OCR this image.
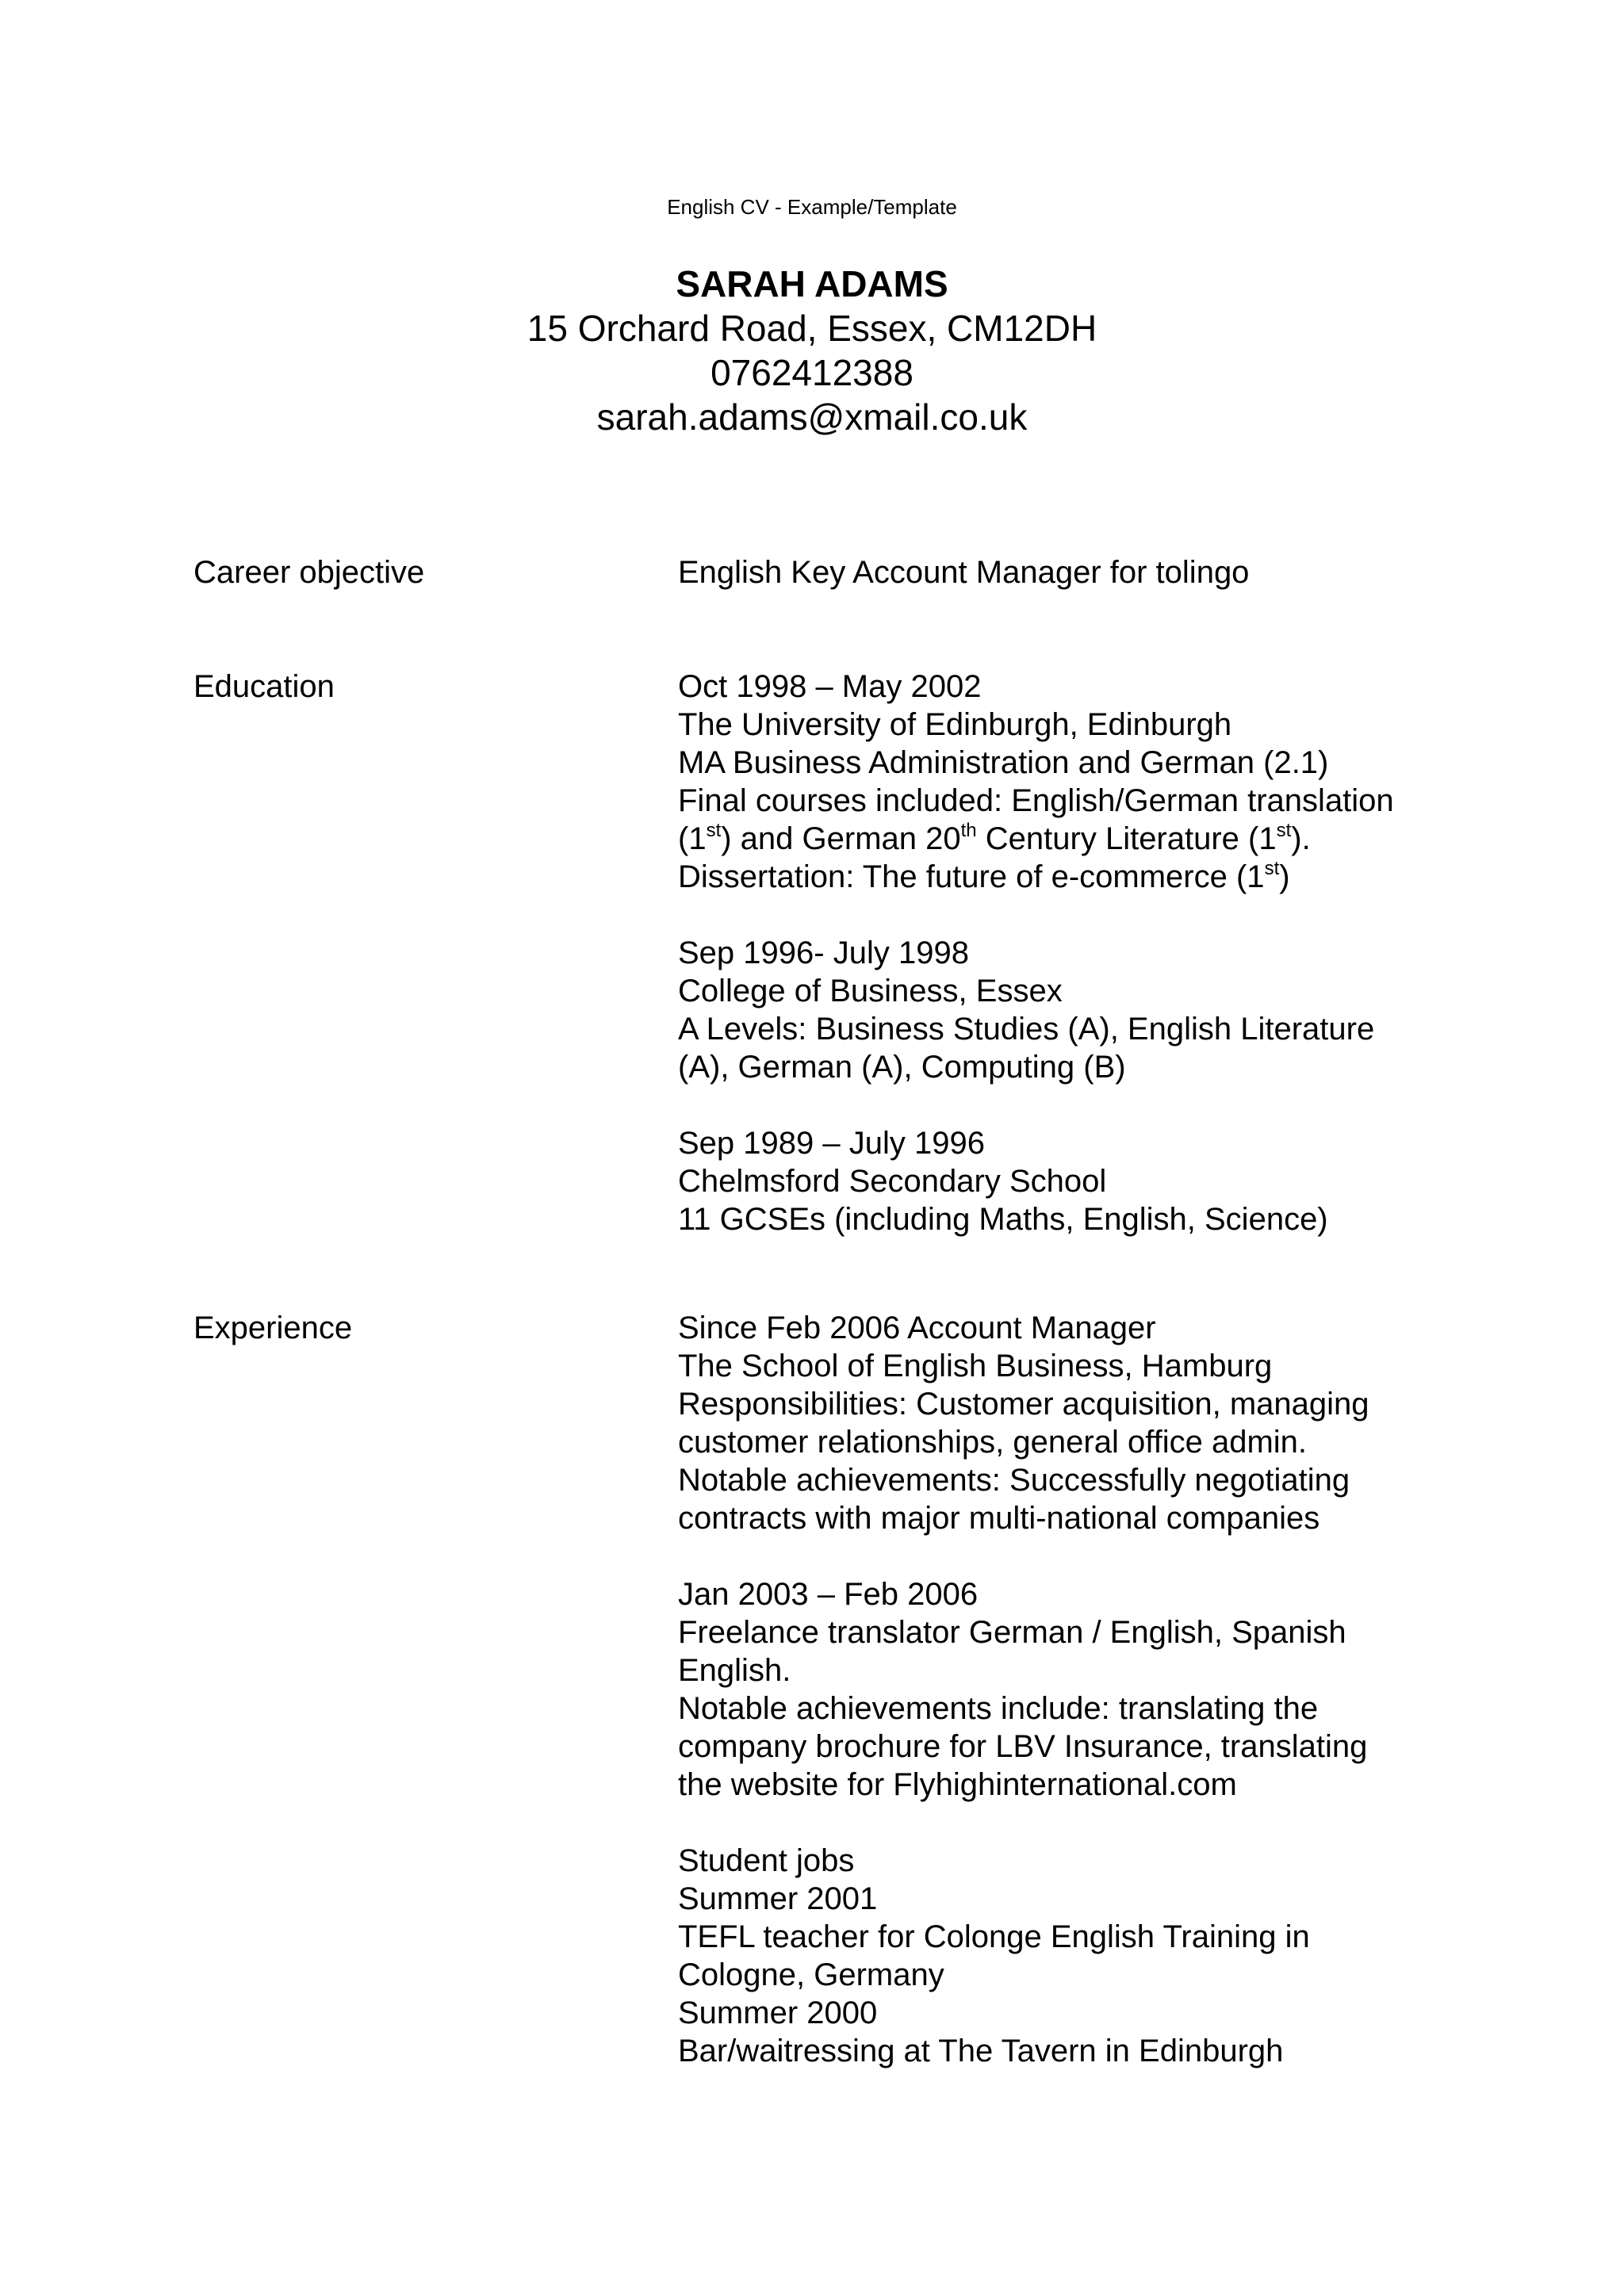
English CV - Example/Template
SARAH ADAMS
15 Orchard Road, Essex, CM12DH
0762412388
sarah.adams@xmail.co.uk
Career objective	English Key Account Manager for tolingo
Education	Oct 1998 – May 2002
The University of Edinburgh, Edinburgh
MA Business Administration and German (2.1)
Final courses included: English/German translation
(1st) and German 20th Century Literature (1st).
Dissertation: The future of e-commerce (1st)
Sep 1996- July 1998
College of Business, Essex
A Levels: Business Studies (A), English Literature
(A), German (A), Computing (B)
Sep 1989 – July 1996
Chelmsford Secondary School
11 GCSEs (including Maths, English, Science)
Experience	Since Feb 2006 Account Manager
The School of English Business, Hamburg
Responsibilities: Customer acquisition, managing
customer relationships, general office admin.
Notable achievements: Successfully negotiating
contracts with major multi-national companies
Jan 2003 – Feb 2006
Freelance translator German / English, Spanish
English.
Notable achievements include: translating the
company brochure for LBV Insurance, translating
the website for Flyhighinternational.com
Student jobs
Summer 2001
TEFL teacher for Colonge English Training in
Cologne, Germany
Summer 2000
Bar/waitressing at The Tavern in Edinburgh
